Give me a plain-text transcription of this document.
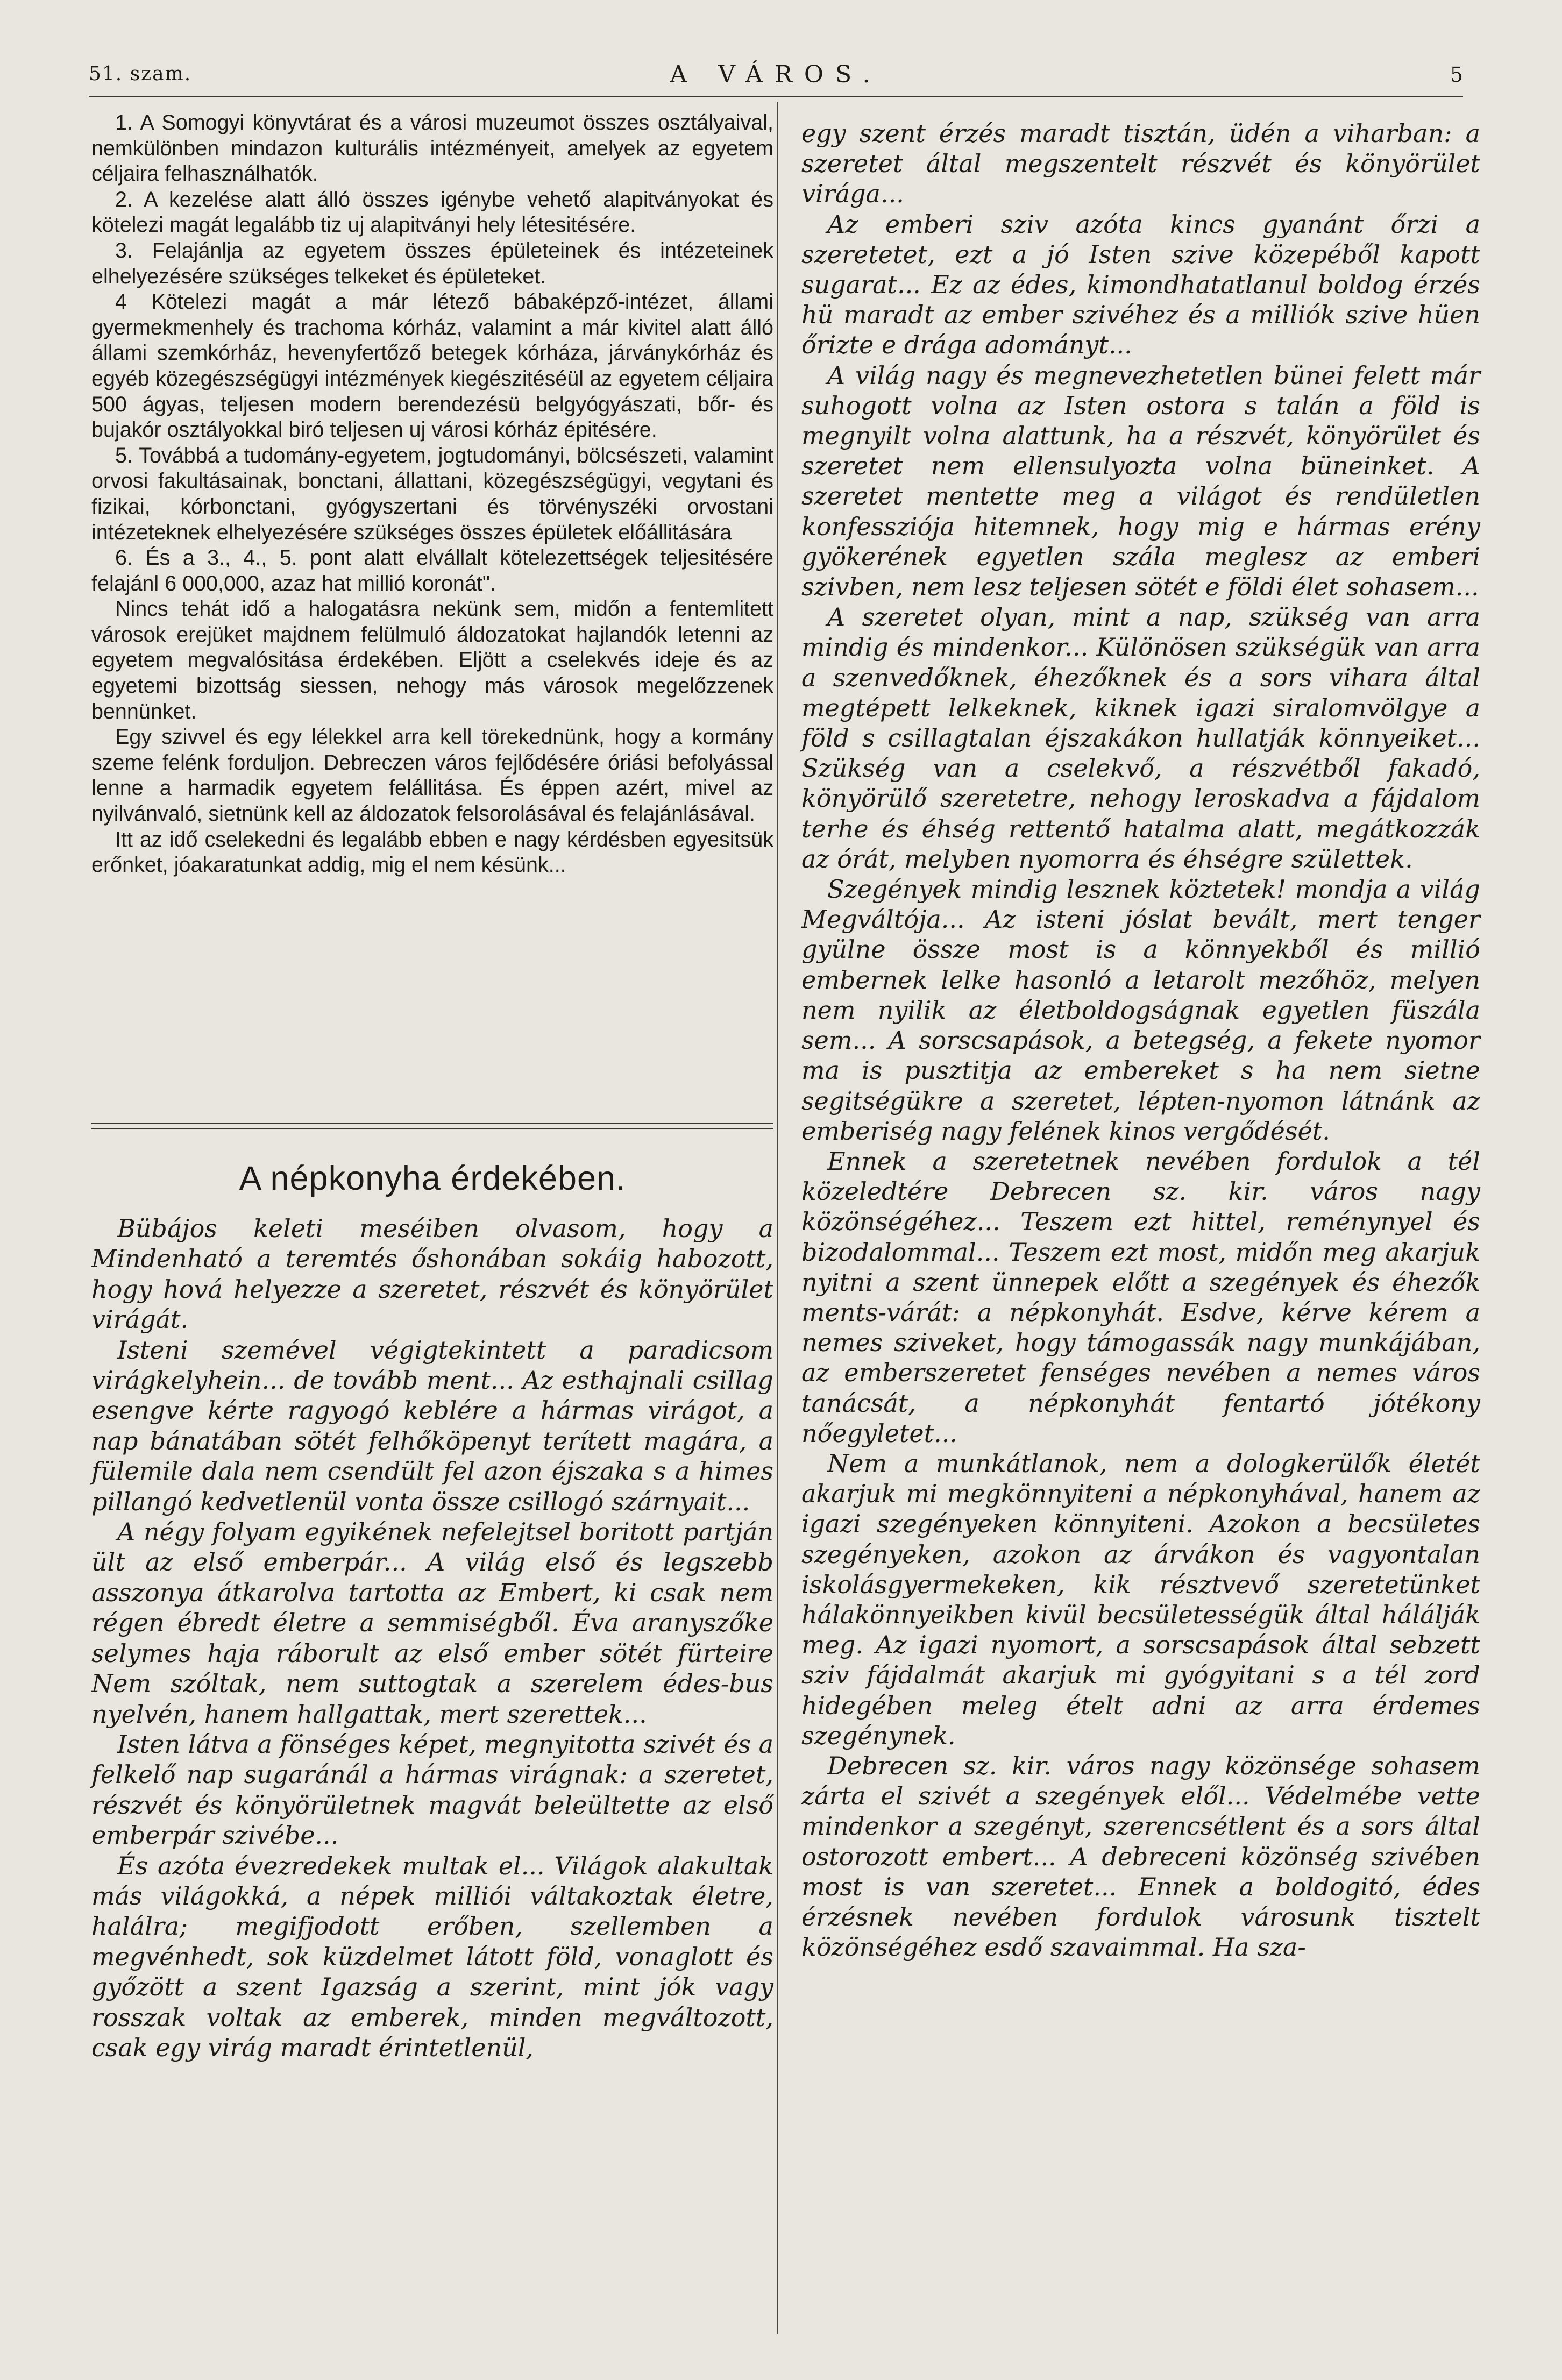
51. szam.	A VÁROS.	5

1. A Somogyi könyvtárat és a városi muzeumot összes osztályaival, nemkülönben mindazon kulturális intézményeit, amelyek az egyetem céljaira felhasználhatók.

2. A kezelése alatt álló összes igénybe vehető alapitványokat és kötelezi magát legalább tiz uj alapitványi hely létesitésére.

3. Felajánlja az egyetem összes épületeinek és intézeteinek elhelyezésére szükséges telkeket és épületeket.

4 Kötelezi magát a már létező bábaképző-intézet, állami gyermekmenhely és trachoma kórház, valamint a már kivitel alatt álló állami szemkórház, hevenyfertőző betegek kórháza, járványkórház és egyéb közegészségügyi intézmények kiegészitéséül az egyetem céljaira 500 ágyas, teljesen modern berendezésü belgyógyászati, bőr- és bujakór osztályokkal biró teljesen uj városi kórház épitésére.

5. Továbbá a tudomány-egyetem, jogtudományi, bölcsészeti, valamint orvosi fakultásainak, bonctani, állattani, közegészségügyi, vegytani és fizikai, kórbonctani, gyógyszertani és törvényszéki orvostani intézeteknek elhelyezésére szükséges összes épületek előállitására

6. És a 3., 4., 5. pont alatt elvállalt kötelezettségek teljesitésére felajánl 6 000,000, azaz hat millió koronát".

Nincs tehát idő a halogatásra nekünk sem, midőn a fentemlitett városok erejüket majdnem felülmuló áldozatokat hajlandók letenni az egyetem megvalósitása érdekében. Eljött a cselekvés ideje és az egyetemi bizottság siessen, nehogy más városok megelőzzenek bennünket.

Egy szivvel és egy lélekkel arra kell törekednünk, hogy a kormány szeme felénk forduljon. Debreczen város fejlődésére óriási befolyással lenne a harmadik egyetem felállitása. És éppen azért, mivel az nyilvánvaló, sietnünk kell az áldozatok felsorolásával és felajánlásával.

Itt az idő cselekedni és legalább ebben e nagy kérdésben egyesitsük erőnket, jóakaratunkat addig, mig el nem késünk...

A népkonyha érdekében.

Bübájos keleti meséiben olvasom, hogy a Mindenható a teremtés őshonában sokáig habozott, hogy hová helyezze a szeretet, részvét és könyörület virágát.

Isteni szemével végigtekintett a paradicsom virágkelyhein... de tovább ment... Az esthajnali csillag esengve kérte ragyogó keblére a hármas virágot, a nap bánatában sötét felhőköpenyt terített magára, a fülemile dala nem csendült fel azon éjszaka s a himes pillangó kedvetlenül vonta össze csillogó szárnyait...

A négy folyam egyikének nefelejtsel boritott partján ült az első emberpár... A világ első és legszebb asszonya átkarolva tartotta az Embert, ki csak nem régen ébredt életre a semmiségből. Éva aranyszőke selymes haja ráborult az első ember sötét fürteire Nem szóltak, nem suttogtak a szerelem édes-bus nyelvén, hanem hallgattak, mert szerettek...

Isten látva a fönséges képet, megnyitotta szivét és a felkelő nap sugaránál a hármas virágnak: a szeretet, részvét és könyörületnek magvát beleültette az első emberpár szivébe...

És azóta évezredekek multak el... Világok alakultak más világokká, a népek milliói váltakoztak életre, halálra; megifjodott erőben, szellemben a megvénhedt, sok küzdelmet látott föld, vonaglott és győzött a szent Igazság a szerint, mint jók vagy rosszak voltak az emberek, minden megváltozott, csak egy virág maradt érintetlenül,

egy szent érzés maradt tisztán, üdén a viharban: a szeretet által megszentelt részvét és könyörület virága...

Az emberi sziv azóta kincs gyanánt őrzi a szeretetet, ezt a jó Isten szive közepéből kapott sugarat... Ez az édes, kimondhatatlanul boldog érzés hü maradt az ember szivéhez és a milliók szive hüen őrizte e drága adományt...

A világ nagy és megnevezhetetlen bünei felett már suhogott volna az Isten ostora s talán a föld is megnyilt volna alattunk, ha a részvét, könyörület és szeretet nem ellensulyozta volna büneinket. A szeretet mentette meg a világot és rendületlen konfessziója hitemnek, hogy mig e hármas erény gyökerének egyetlen szála meglesz az emberi szivben, nem lesz teljesen sötét e földi élet sohasem...

A szeretet olyan, mint a nap, szükség van arra mindig és mindenkor... Különösen szükségük van arra a szenvedőknek, éhezőknek és a sors vihara által megtépett lelkeknek, kiknek igazi siralomvölgye a föld s csillagtalan éjszakákon hullatják könnyeiket... Szükség van a cselekvő, a részvétből fakadó, könyörülő szeretetre, nehogy leroskadva a fájdalom terhe és éhség rettentő hatalma alatt, megátkozzák az órát, melyben nyomorra és éhségre születtek.

Szegények mindig lesznek köztetek! mondja a világ Megváltója... Az isteni jóslat bevált, mert tenger gyülne össze most is a könnyekből és millió embernek lelke hasonló a letarolt mezőhöz, melyen nem nyilik az életboldogságnak egyetlen füszála sem... A sorscsapások, a betegség, a fekete nyomor ma is pusztitja az embereket s ha nem sietne segitségükre a szeretet, lépten-nyomon látnánk az emberiség nagy felének kinos vergődését.

Ennek a szeretetnek nevében fordulok a tél közeledtére Debrecen sz. kir. város nagy közönségéhez... Teszem ezt hittel, reménynyel és bizodalommal... Teszem ezt most, midőn meg akarjuk nyitni a szent ünnepek előtt a szegények és éhezők ments-várát: a népkonyhát. Esdve, kérve kérem a nemes sziveket, hogy támogassák nagy munkájában, az emberszeretet fenséges nevében a nemes város tanácsát, a népkonyhát fentartó jótékony nőegyletet...

Nem a munkátlanok, nem a dologkerülők életét akarjuk mi megkönnyiteni a népkonyhával, hanem az igazi szegényeken könnyiteni. Azokon a becsületes szegényeken, azokon az árvákon és vagyontalan iskolásgyermekeken, kik résztvevő szeretetünket hálakönnyeikben kivül becsületességük által hálálják meg. Az igazi nyomort, a sorscsapások által sebzett sziv fájdalmát akarjuk mi gyógyitani s a tél zord hidegében meleg ételt adni az arra érdemes szegénynek.

Debrecen sz. kir. város nagy közönsége sohasem zárta el szivét a szegények elől... Védelmébe vette mindenkor a szegényt, szerencsétlent és a sors által ostorozott embert... A debreceni közönség szivében most is van szeretet... Ennek a boldogitó, édes érzésnek nevében fordulok városunk tisztelt közönségéhez esdő szavaimmal. Ha sza-
